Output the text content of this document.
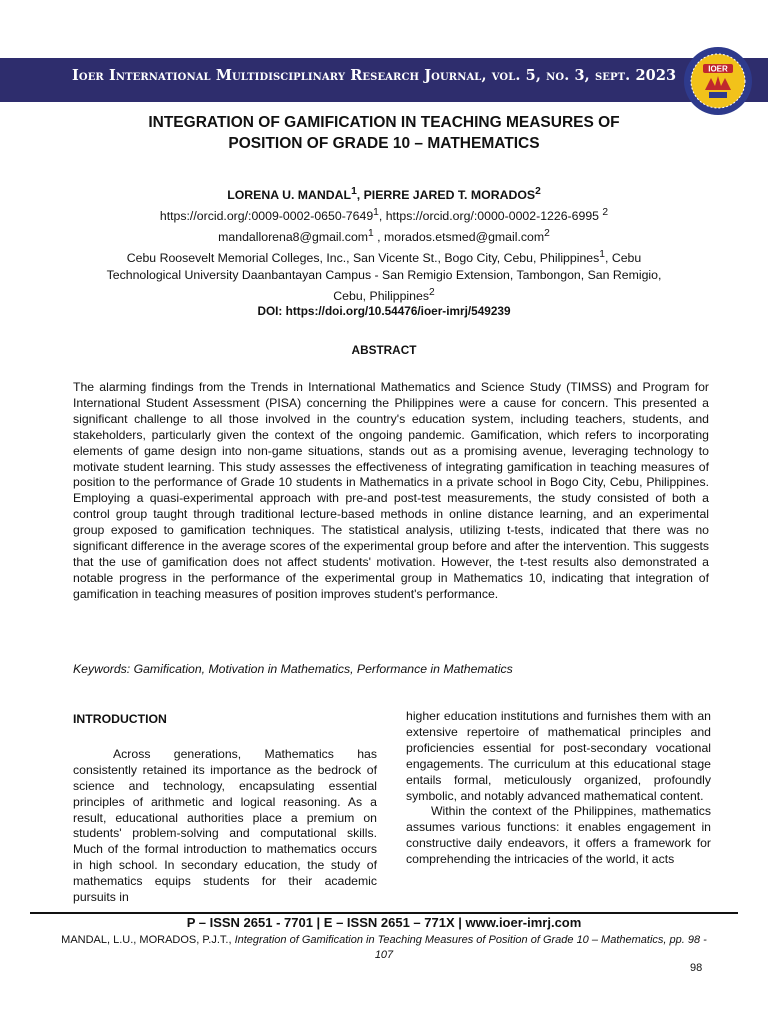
Ioer International Multidisciplinary Research Journal, vol. 5, no. 3, sept. 2023	IOER
INTEGRATION OF GAMIFICATION IN TEACHING MEASURES OF
POSITION OF GRADE 10 – MATHEMATICS
LORENA U. MANDAL$^1$, PIERRE JARED T. MORADOS$^2$
https://orcid.org/:0009-0002-0650-7649$^1$, https://orcid.org/:0000-0002-1226-6995 $^2$
mandallorena8@gmail.com$^1$ , morados.etsmed@gmail.com$^2$
Cebu Roosevelt Memorial Colleges, Inc., San Vicente St., Bogo City, Cebu, Philippines$^1$, Cebu
Technological University Daanbantayan Campus - San Remigio Extension, Tambongon, San Remigio,
Cebu, Philippines$^2$
DOI: https://doi.org/10.54476/ioer-imrj/549239
ABSTRACT
The alarming findings from the Trends in International Mathematics and Science Study (TIMSS) and Program for International Student Assessment (PISA) concerning the Philippines were a cause for concern. This presented a significant challenge to all those involved in the country's education system, including teachers, students, and stakeholders, particularly given the context of the ongoing pandemic. Gamification, which refers to incorporating elements of game design into non-game situations, stands out as a promising avenue, leveraging technology to motivate student learning. This study assesses the effectiveness of integrating gamification in teaching measures of position to the performance of Grade 10 students in Mathematics in a private school in Bogo City, Cebu, Philippines. Employing a quasi-experimental approach with pre-and post-test measurements, the study consisted of both a control group taught through traditional lecture-based methods in online distance learning, and an experimental group exposed to gamification techniques. The statistical analysis, utilizing t-tests, indicated that there was no significant difference in the average scores of the experimental group before and after the intervention. This suggests that the use of gamification does not affect students' motivation. However, the t-test results also demonstrated a notable progress in the performance of the experimental group in Mathematics 10, indicating that integration of gamification in teaching measures of position improves student's performance.
Keywords: Gamification, Motivation in Mathematics, Performance in Mathematics
INTRODUCTION

Across generations, Mathematics has consistently retained its importance as the bedrock of science and technology, encapsulating essential principles of arithmetic and logical reasoning. As a result, educational authorities place a premium on students' problem-solving and computational skills. Much of the formal introduction to mathematics occurs in high school. In secondary education, the study of mathematics equips students for their academic pursuits in

higher education institutions and furnishes them with an extensive repertoire of mathematical principles and proficiencies essential for post-secondary vocational engagements. The curriculum at this educational stage entails formal, meticulously organized, profoundly symbolic, and notably advanced mathematical content.

Within the context of the Philippines, mathematics assumes various functions: it enables engagement in constructive daily endeavors, it offers a framework for comprehending the intricacies of the world, it acts

P – ISSN 2651 - 7701 | E – ISSN 2651 – 771X | www.ioer-imrj.com
MANDAL, L.U., MORADOS, P.J.T., Integration of Gamification in Teaching Measures of Position of Grade 10 – Mathematics, pp. 98 - 107
98
